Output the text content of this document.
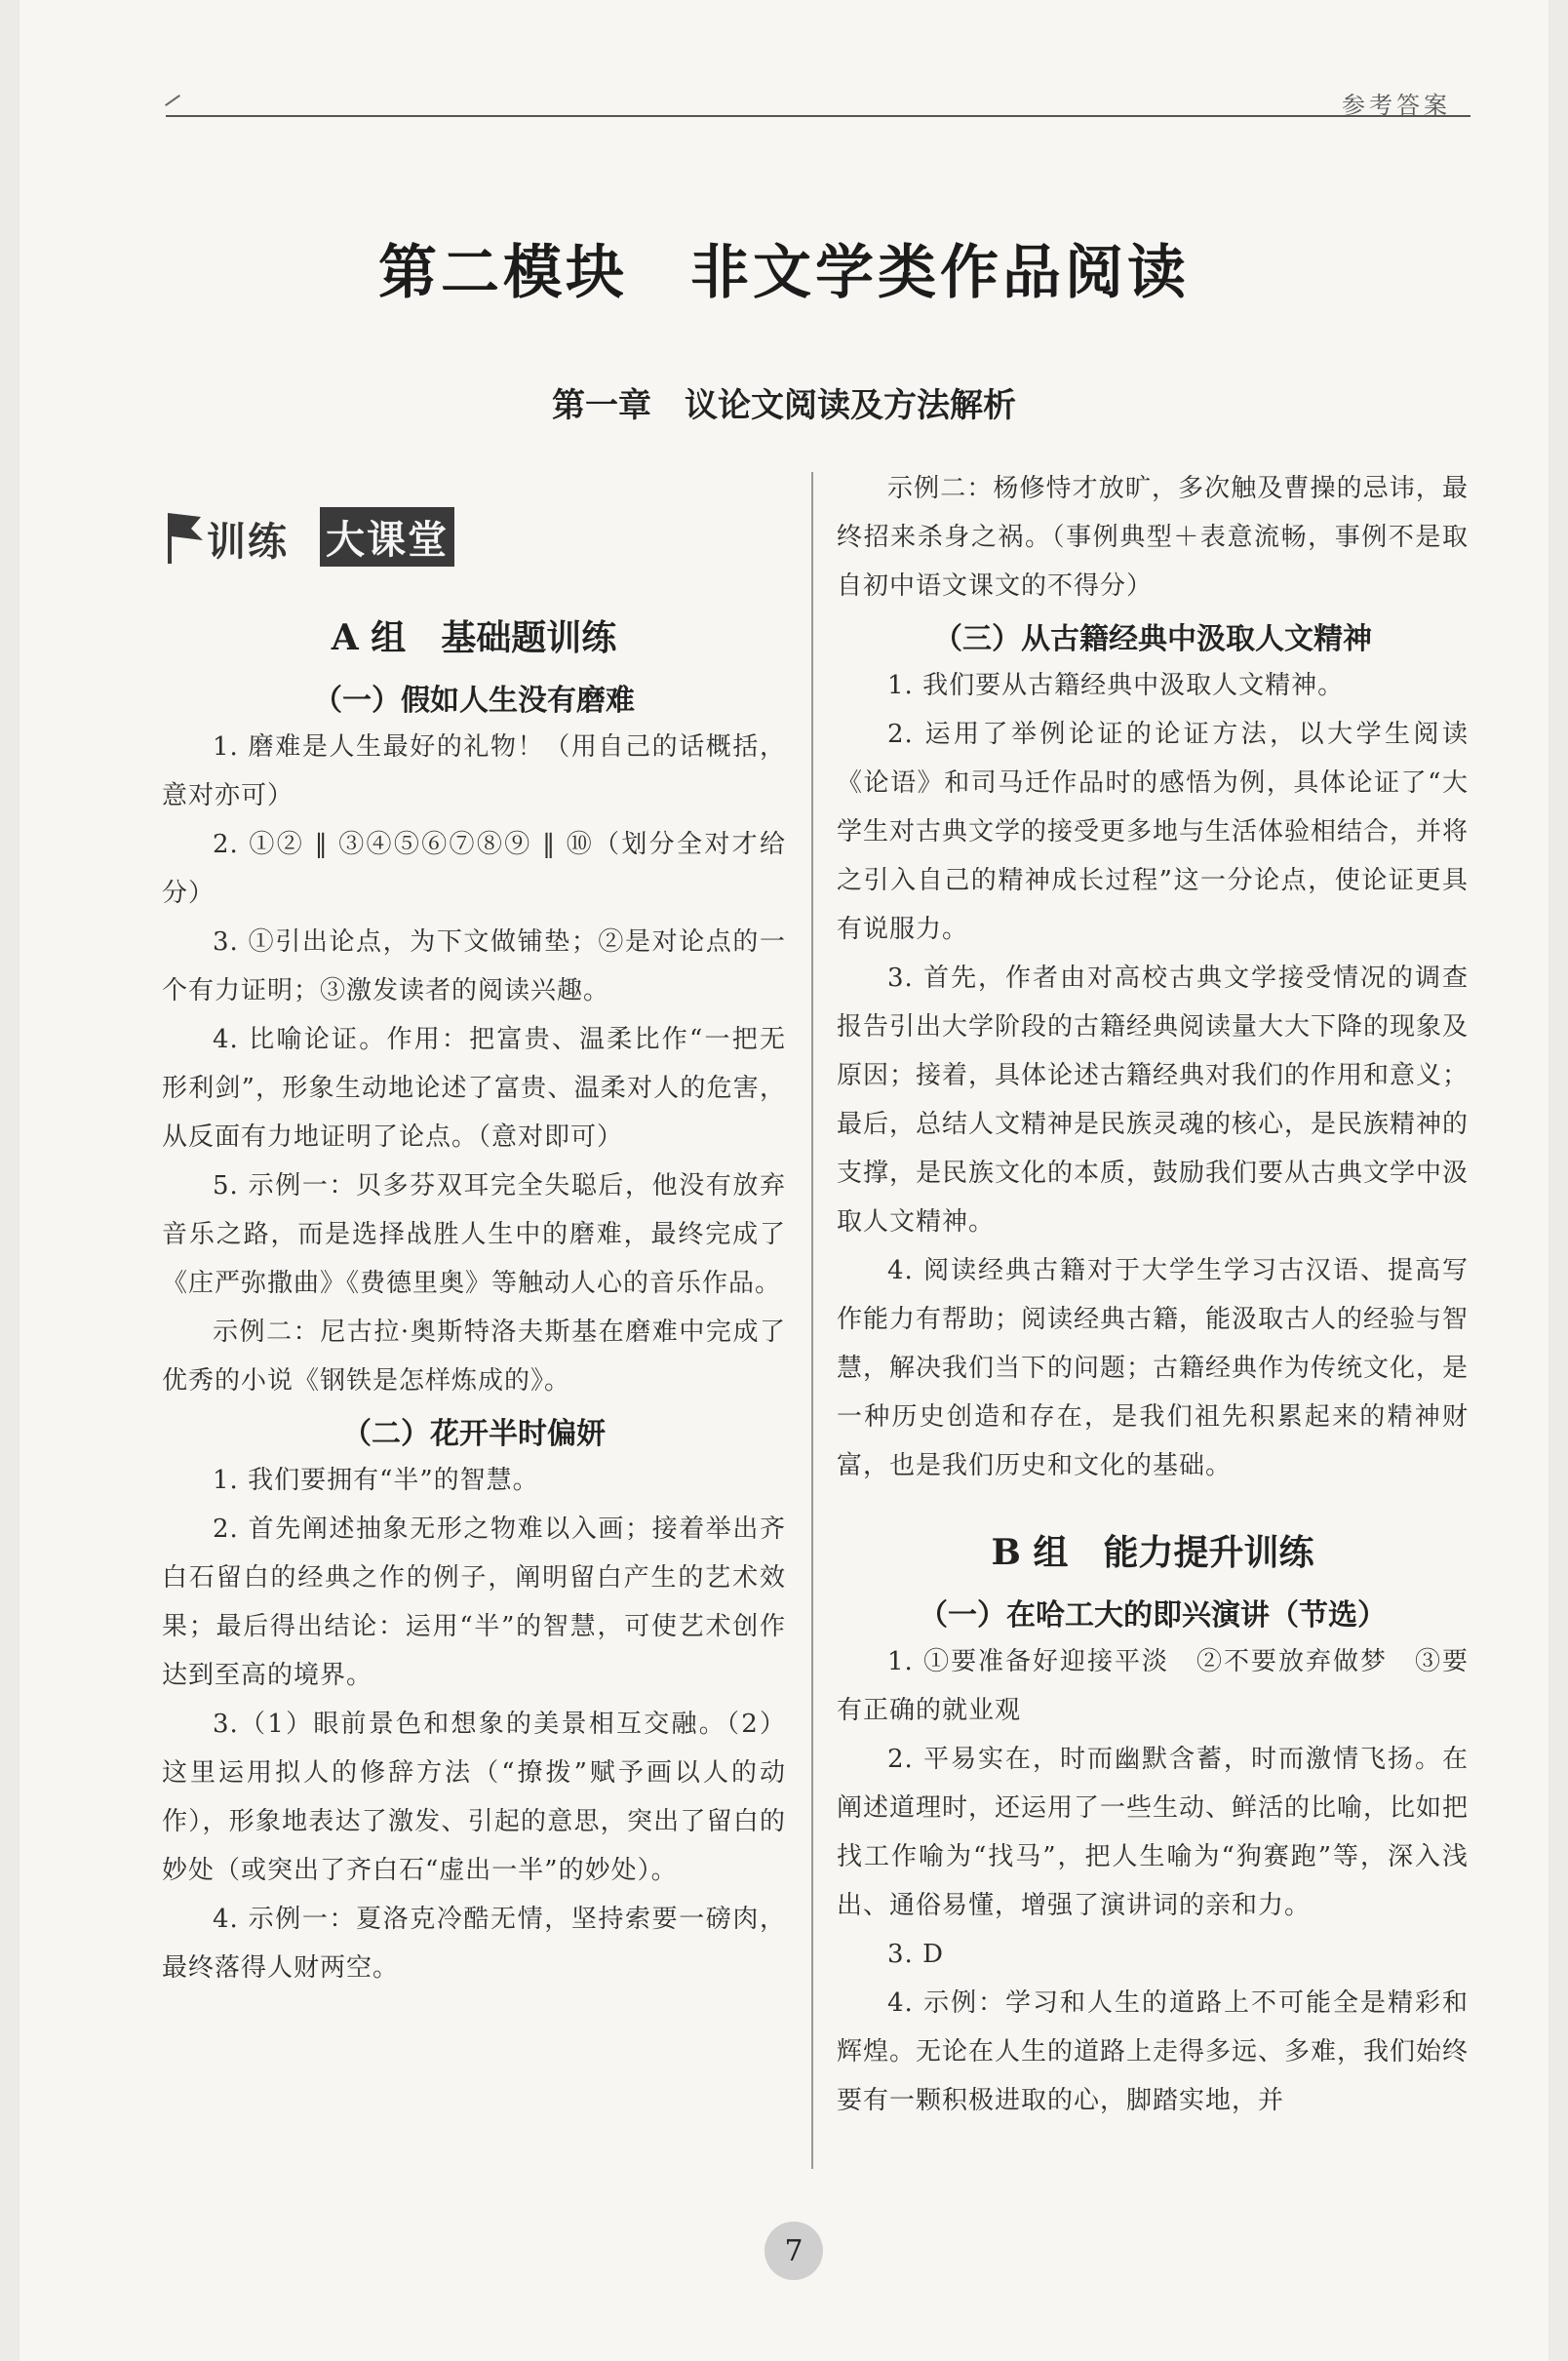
参考答案
第二模块　非文学类作品阅读
第一章　议论文阅读及方法解析
训练 大课堂
A 组　基础题训练
（一）假如人生没有磨难

1. 磨难是人生最好的礼物！（用自己的话概括，意对亦可）

2. ①② ‖ ③④⑤⑥⑦⑧⑨ ‖ ⑩（划分全对才给分）

3. ①引出论点，为下文做铺垫；②是对论点的一个有力证明；③激发读者的阅读兴趣。

4. 比喻论证。作用：把富贵、温柔比作“一把无形利剑”，形象生动地论述了富贵、温柔对人的危害，从反面有力地证明了论点。（意对即可）

5. 示例一：贝多芬双耳完全失聪后，他没有放弃音乐之路，而是选择战胜人生中的磨难，最终完成了《庄严弥撒曲》《费德里奥》等触动人心的音乐作品。

示例二：尼古拉·奥斯特洛夫斯基在磨难中完成了优秀的小说《钢铁是怎样炼成的》。

（二）花开半时偏妍

1. 我们要拥有“半”的智慧。

2. 首先阐述抽象无形之物难以入画；接着举出齐白石留白的经典之作的例子，阐明留白产生的艺术效果；最后得出结论：运用“半”的智慧，可使艺术创作达到至高的境界。

3.（1）眼前景色和想象的美景相互交融。（2）这里运用拟人的修辞方法（“撩拨”赋予画以人的动作），形象地表达了激发、引起的意思，突出了留白的妙处（或突出了齐白石“虚出一半”的妙处）。

4. 示例一：夏洛克冷酷无情，坚持索要一磅肉，最终落得人财两空。

示例二：杨修恃才放旷，多次触及曹操的忌讳，最终招来杀身之祸。（事例典型＋表意流畅，事例不是取自初中语文课文的不得分）

（三）从古籍经典中汲取人文精神

1. 我们要从古籍经典中汲取人文精神。

2. 运用了举例论证的论证方法，以大学生阅读《论语》和司马迁作品时的感悟为例，具体论证了“大学生对古典文学的接受更多地与生活体验相结合，并将之引入自己的精神成长过程”这一分论点，使论证更具有说服力。

3. 首先，作者由对高校古典文学接受情况的调查报告引出大学阶段的古籍经典阅读量大大下降的现象及原因；接着，具体论述古籍经典对我们的作用和意义；最后，总结人文精神是民族灵魂的核心，是民族精神的支撑，是民族文化的本质，鼓励我们要从古典文学中汲取人文精神。

4. 阅读经典古籍对于大学生学习古汉语、提高写作能力有帮助；阅读经典古籍，能汲取古人的经验与智慧，解决我们当下的问题；古籍经典作为传统文化，是一种历史创造和存在，是我们祖先积累起来的精神财富，也是我们历史和文化的基础。

B 组　能力提升训练
（一）在哈工大的即兴演讲（节选）

1. ①要准备好迎接平淡　②不要放弃做梦　③要有正确的就业观

2. 平易实在，时而幽默含蓄，时而激情飞扬。在阐述道理时，还运用了一些生动、鲜活的比喻，比如把找工作喻为“找马”，把人生喻为“狗赛跑”等，深入浅出、通俗易懂，增强了演讲词的亲和力。

3. D

4. 示例：学习和人生的道路上不可能全是精彩和辉煌。无论在人生的道路上走得多远、多难，我们始终要有一颗积极进取的心，脚踏实地，并

7
